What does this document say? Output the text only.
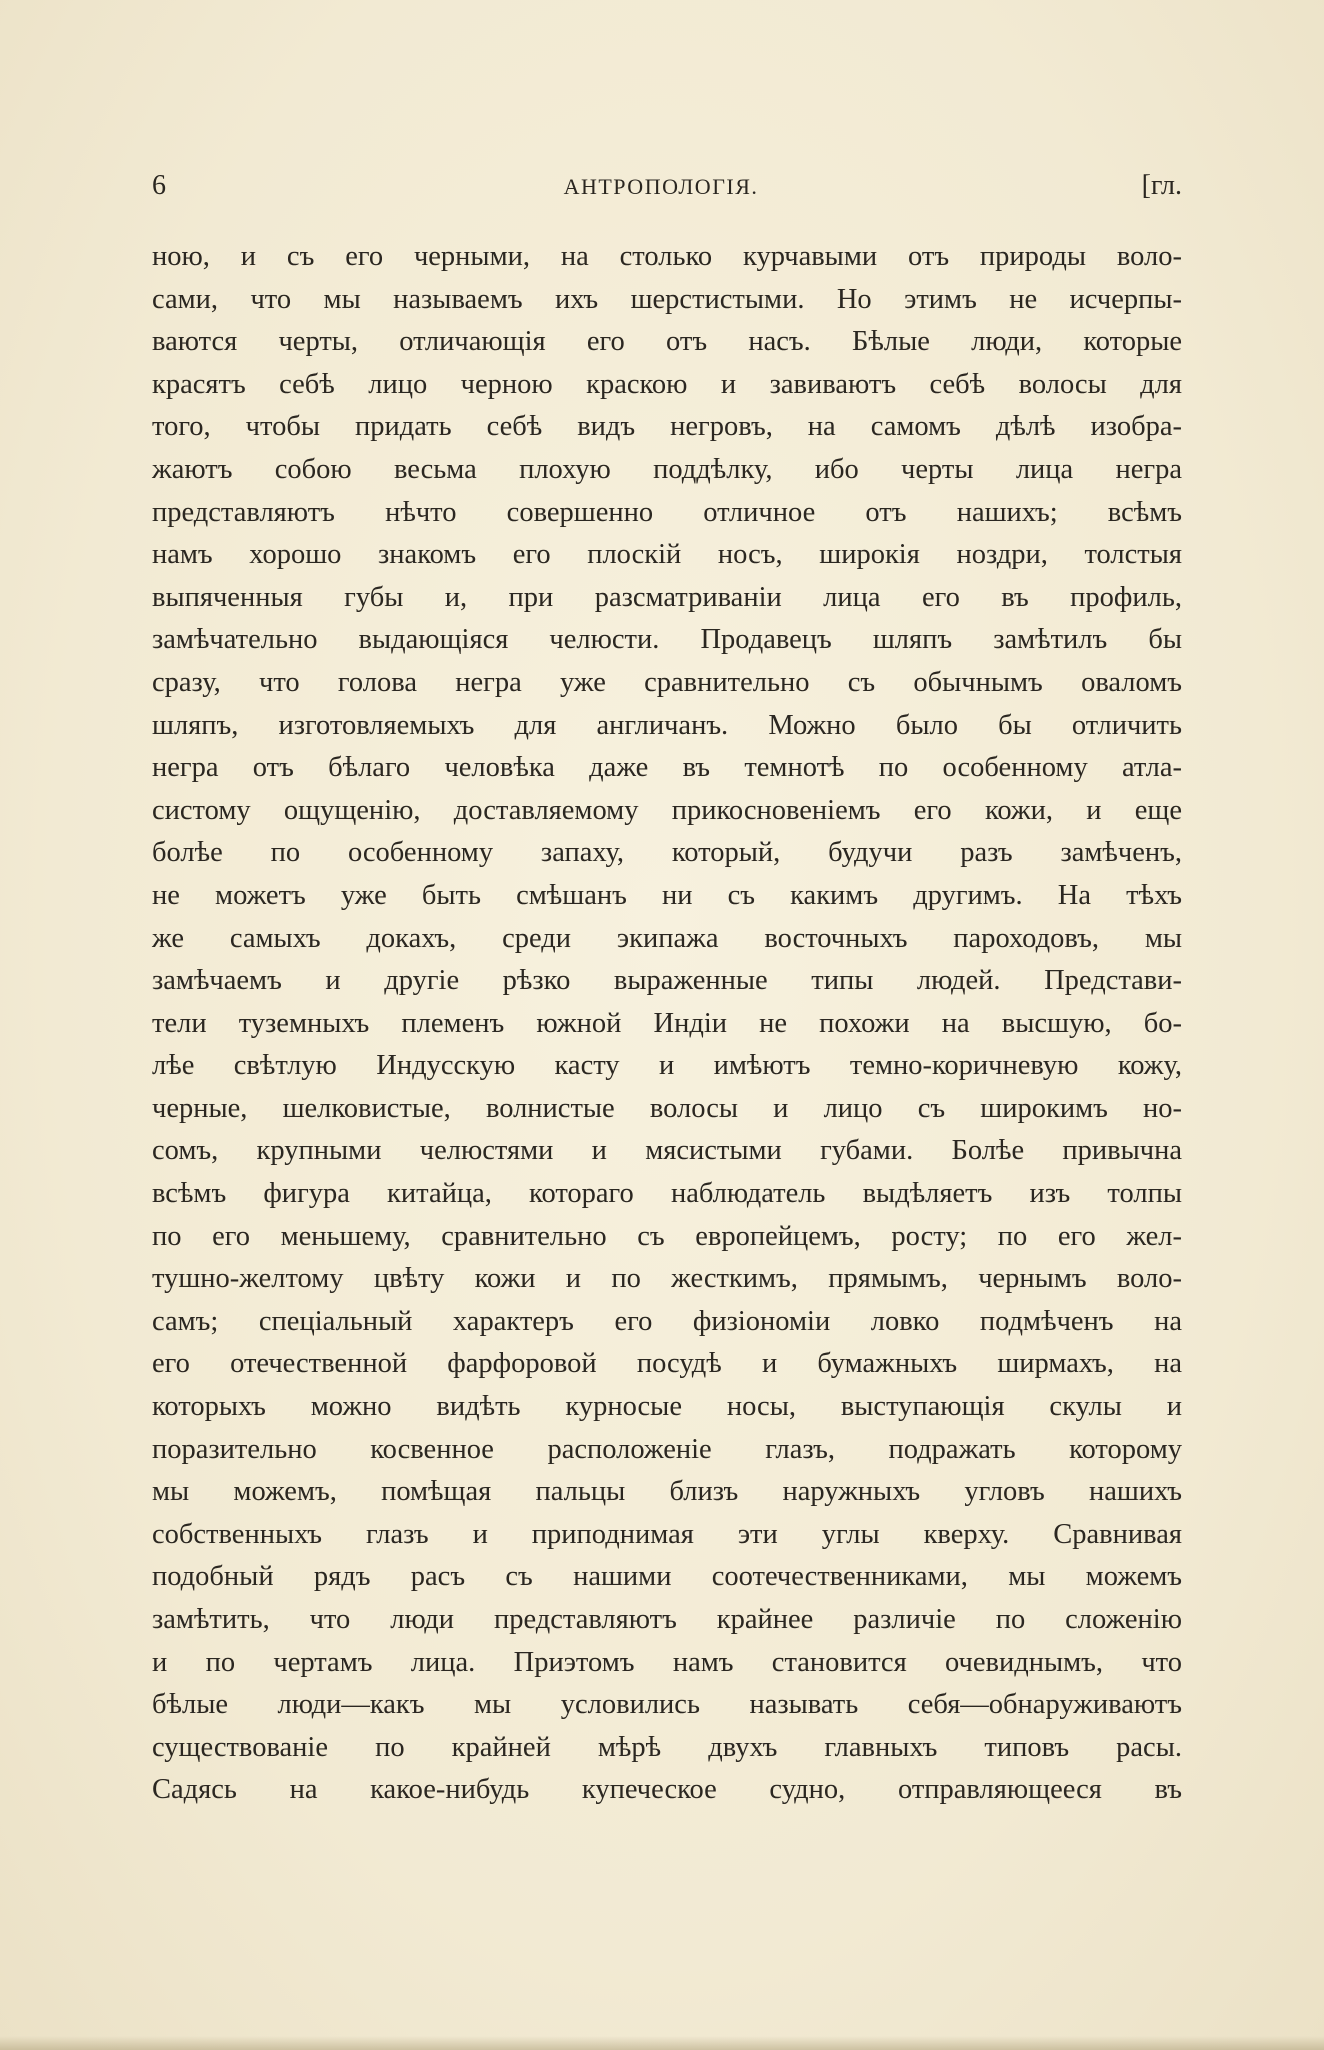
6	АНТРОПОЛОГІЯ.	[гл.
ною, и съ его черными, на столько курчавыми отъ природы воло-
сами, что мы называемъ ихъ шерстистыми. Но этимъ не исчерпы-
ваются черты, отличающія его отъ насъ. Бѣлые люди, которые
красятъ себѣ лицо черною краскою и завиваютъ себѣ волосы для
того, чтобы придать себѣ видъ негровъ, на самомъ дѣлѣ изобра-
жаютъ собою весьма плохую поддѣлку, ибо черты лица негра
представляютъ нѣчто совершенно отличное отъ нашихъ; всѣмъ
намъ хорошо знакомъ его плоскій носъ, широкія ноздри, толстыя
выпяченныя губы и, при разсматриваніи лица его въ профиль,
замѣчательно выдающіяся челюсти. Продавецъ шляпъ замѣтилъ бы
сразу, что голова негра уже сравнительно съ обычнымъ оваломъ
шляпъ, изготовляемыхъ для англичанъ. Можно было бы отличить
негра отъ бѣлаго человѣка даже въ темнотѣ по особенному атла-
систому ощущенію, доставляемому прикосновеніемъ его кожи, и еще
болѣе по особенному запаху, который, будучи разъ замѣченъ,
не можетъ уже быть смѣшанъ ни съ какимъ другимъ. На тѣхъ
же самыхъ докахъ, среди экипажа восточныхъ пароходовъ, мы
замѣчаемъ и другіе рѣзко выраженные типы людей. Представи-
тели туземныхъ племенъ южной Индіи не похожи на высшую, бо-
лѣе свѣтлую Индусскую касту и имѣютъ темно-коричневую кожу,
черные, шелковистые, волнистые волосы и лицо съ широкимъ но-
сомъ, крупными челюстями и мясистыми губами. Болѣе привычна
всѣмъ фигура китайца, котораго наблюдатель выдѣляетъ изъ толпы
по его меньшему, сравнительно съ европейцемъ, росту; по его жел-
тушно-желтому цвѣту кожи и по жесткимъ, прямымъ, чернымъ воло-
самъ; спеціальный характеръ его физіономіи ловко подмѣченъ на
его отечественной фарфоровой посудѣ и бумажныхъ ширмахъ, на
которыхъ можно видѣть курносые носы, выступающія скулы и
поразительно косвенное расположеніе глазъ, подражать которому
мы можемъ, помѣщая пальцы близъ наружныхъ угловъ нашихъ
собственныхъ глазъ и приподнимая эти углы кверху. Сравнивая
подобный рядъ расъ съ нашими соотечественниками, мы можемъ
замѣтить, что люди представляютъ крайнее различіе по сложенію
и по чертамъ лица. Приэтомъ намъ становится очевиднымъ, что
бѣлые люди—какъ мы условились называть себя—обнаруживаютъ
существованіе по крайней мѣрѣ двухъ главныхъ типовъ расы.
Садясь на какое-нибудь купеческое судно, отправляющееся въ
